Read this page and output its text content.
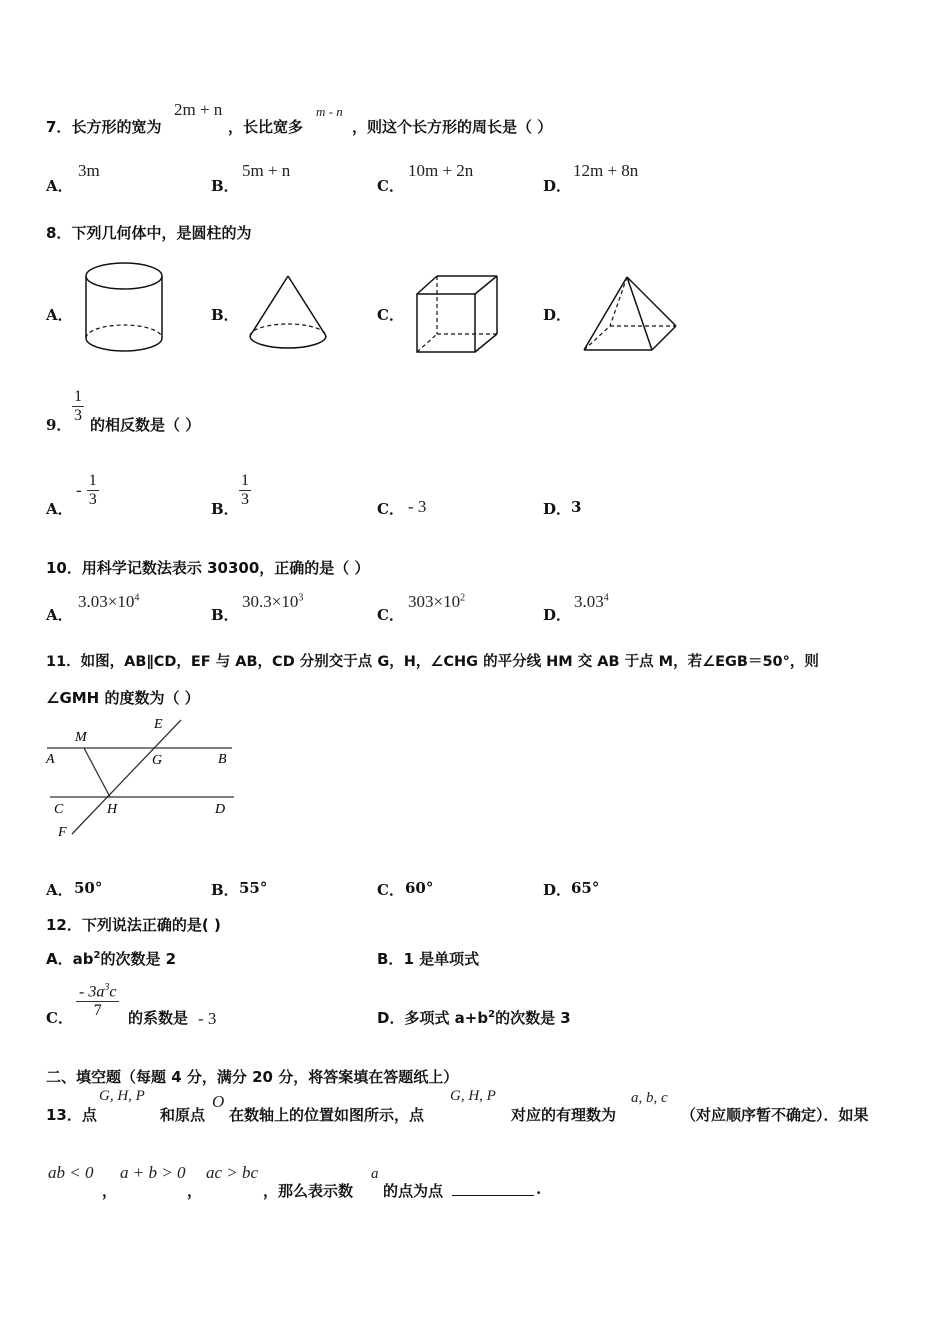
7．长方形的宽为
2m + n
，长比宽多
m - n
，则这个长方形的周长是（ ）
A．
3m
B．
5m + n
C．
10m + 2n
D．
12m + 8n
8．下列几何体中，是圆柱的为
A．	B．	C．	D．
9． $\frac{1}{3}$ 的相反数是（ ）
A．
- $\frac{1}{3}$	B． $\frac{1}{3}$	C． - 3	D． 3
10．用科学记数法表示 30300，正确的是（ ）
A．
$3.03\times 10^4$
B．
$30.3\times 10^3$
C．
$303\times 10^2$
D．
3.03$^4$
11．如图，AB∥CD，EF 与 AB，CD 分别交于点 G，H，∠CHG 的平分线 HM 交 AB 于点 M，若∠EGB＝50°，则
∠GMH 的度数为（ ）
E
M
A	G	B
C	H	D
F
A． 50°	B． 55°	C． 60°	D． 65°
12．下列说法正确的是( )
A．$ab^2$的次数是 2	B．1 是单项式
C． $\frac{- 3a^3c}{7}$ 的系数是 - 3	D．多项式 $a+b^2$的次数是 3
二、填空题（每题 4 分，满分 20 分，将答案填在答题纸上）
13．点
G, H, P
和原点
O
在数轴上的位置如图所示，点
G, H, P
对应的有理数为
a, b, c
（对应顺序暂不确定）．如果
ab < 0
，
a + b > 0
，
ac > bc
，那么表示数
a
的点为点	.
